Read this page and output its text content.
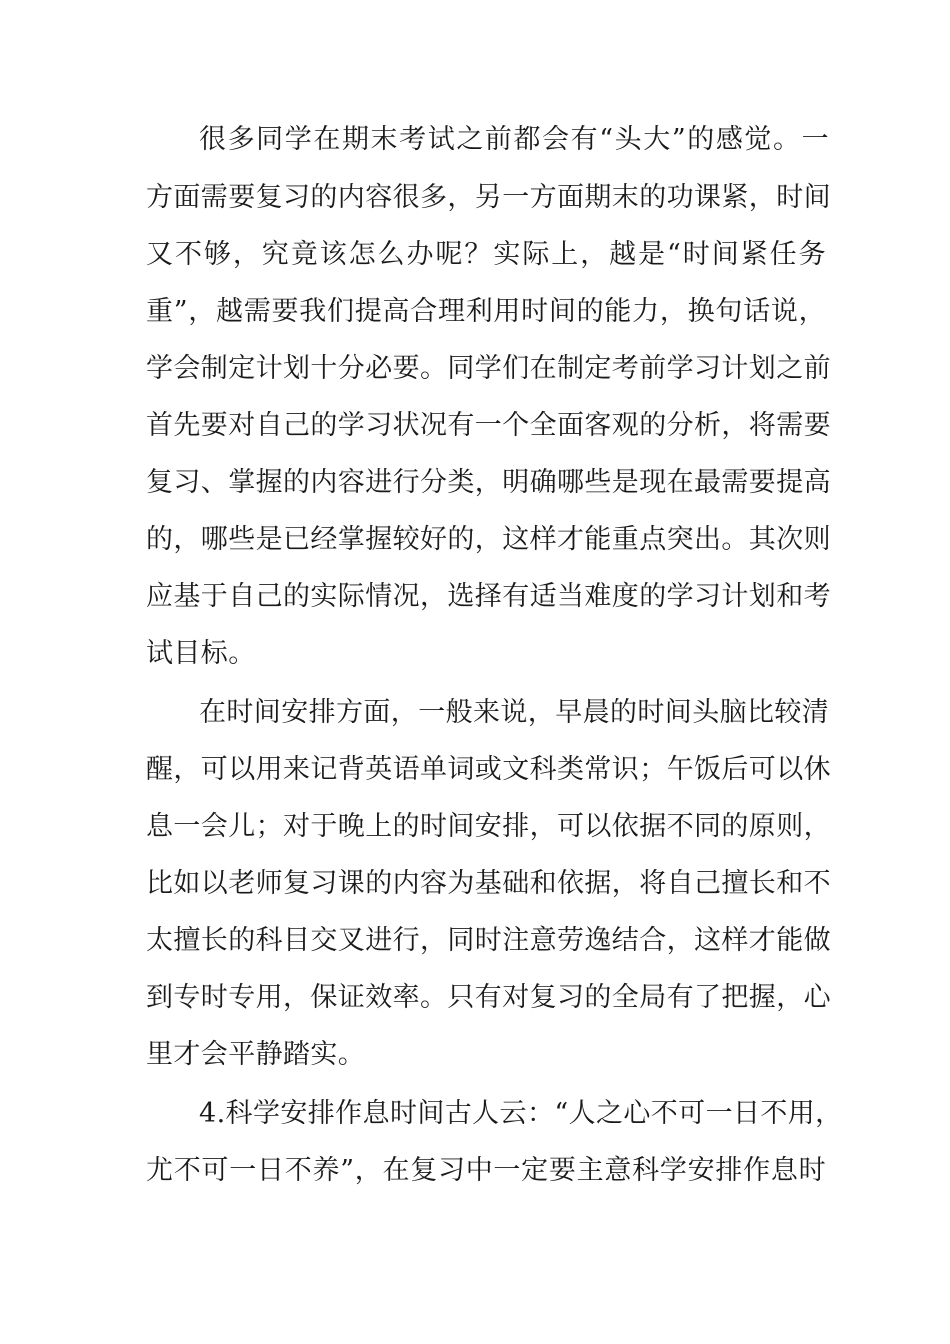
很多同学在期末考试之前都会有“头大”的感觉。一
方面需要复习的内容很多，另一方面期末的功课紧，时间
又不够，究竟该怎么办呢？实际上，越是“时间紧任务
重”，越需要我们提高合理利用时间的能力，换句话说，
学会制定计划十分必要。同学们在制定考前学习计划之前
首先要对自己的学习状况有一个全面客观的分析，将需要
复习、掌握的内容进行分类，明确哪些是现在最需要提高
的，哪些是已经掌握较好的，这样才能重点突出。其次则
应基于自己的实际情况，选择有适当难度的学习计划和考
试目标。
在时间安排方面，一般来说，早晨的时间头脑比较清
醒，可以用来记背英语单词或文科类常识；午饭后可以休
息一会儿；对于晚上的时间安排，可以依据不同的原则，
比如以老师复习课的内容为基础和依据，将自己擅长和不
太擅长的科目交叉进行，同时注意劳逸结合，这样才能做
到专时专用，保证效率。只有对复习的全局有了把握，心
里才会平静踏实。
4.科学安排作息时间古人云：“人之心不可一日不用，
尤不可一日不养”，在复习中一定要主意科学安排作息时
